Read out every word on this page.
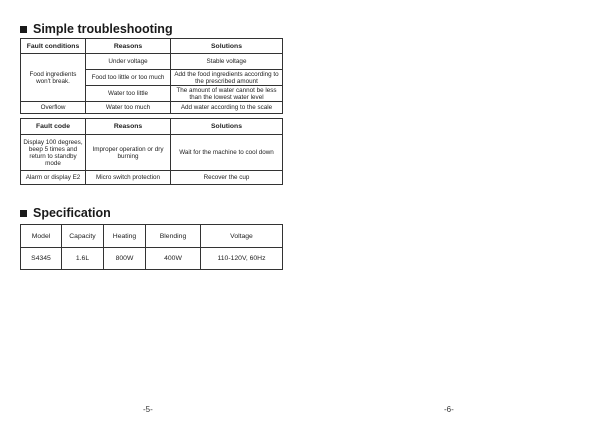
Simple troubleshooting
Fault conditions	Reasons	Solutions
Food ingredients won't break.	Under voltage	Stable voltage
	Food too little or too much	Add the food ingredients according to the prescribed amount
	Water too little	The amount of water cannot be less than the lowest water level
Overflow	Water too much	Add water according to the scale
Fault code	Reasons	Solutions
Display 100 degrees, beep 5 times and return to standby mode	Improper operation or dry burning	Wait for the machine to cool down
Alarm or display E2	Micro switch protection	Recover the cup
Specification
Model	Capacity	Heating	Blending	Voltage
S4345	1.6L	800W	400W	110-120V, 60Hz
-5-	-6-
